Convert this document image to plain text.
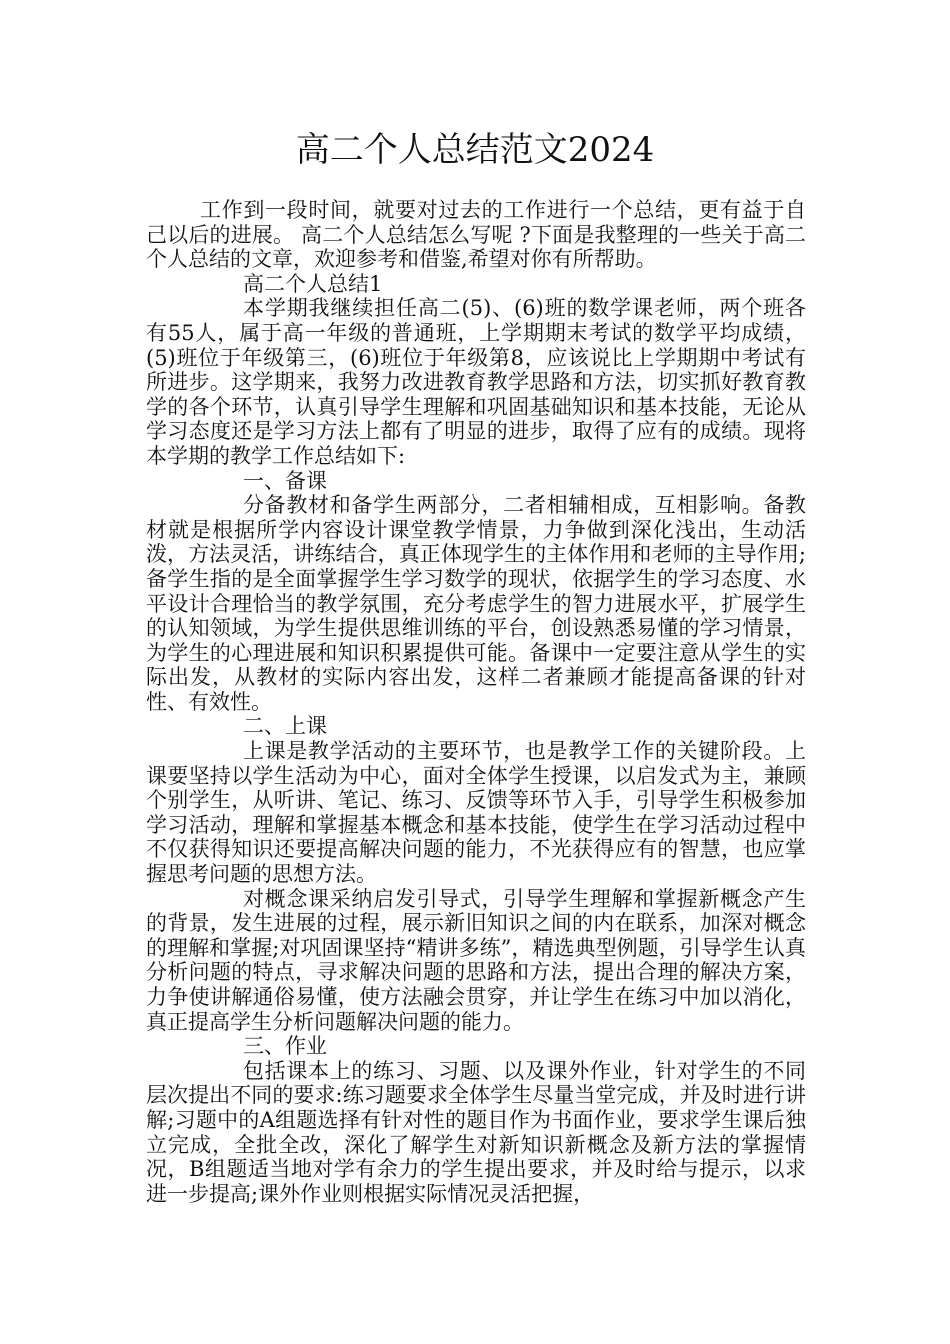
高二个人总结范文2024

工作到一段时间，就要对过去的工作进行一个总结，更有益于自己以后的进展。 高二个人总结怎么写呢 ?下面是我整理的一些关于高二个人总结的文章，欢迎参考和借鉴,希望对你有所帮助。

高二个人总结1

本学期我继续担任高二(5)、(6)班的数学课老师，两个班各有55人，属于高一年级的普通班，上学期期末考试的数学平均成绩，(5)班位于年级第三，(6)班位于年级第8，应该说比上学期期中考试有所进步。这学期来，我努力改进教育教学思路和方法，切实抓好教育教学的各个环节，认真引导学生理解和巩固基础知识和基本技能，无论从学习态度还是学习方法上都有了明显的进步，取得了应有的成绩。现将本学期的教学工作总结如下:

一、备课

分备教材和备学生两部分，二者相辅相成，互相影响。备教材就是根据所学内容设计课堂教学情景，力争做到深化浅出，生动活泼，方法灵活，讲练结合，真正体现学生的主体作用和老师的主导作用;备学生指的是全面掌握学生学习数学的现状，依据学生的学习态度、水平设计合理恰当的教学氛围，充分考虑学生的智力进展水平，扩展学生的认知领域，为学生提供思维训练的平台，创设熟悉易懂的学习情景，为学生的心理进展和知识积累提供可能。备课中一定要注意从学生的实际出发，从教材的实际内容出发，这样二者兼顾才能提高备课的针对性、有效性。

二、上课

上课是教学活动的主要环节，也是教学工作的关键阶段。上课要坚持以学生活动为中心，面对全体学生授课，以启发式为主，兼顾个别学生，从听讲、笔记、练习、反馈等环节入手，引导学生积极参加学习活动，理解和掌握基本概念和基本技能，使学生在学习活动过程中不仅获得知识还要提高解决问题的能力，不光获得应有的智慧，也应掌握思考问题的思想方法。

对概念课采纳启发引导式，引导学生理解和掌握新概念产生的背景，发生进展的过程，展示新旧知识之间的内在联系，加深对概念的理解和掌握;对巩固课坚持“精讲多练”，精选典型例题，引导学生认真分析问题的特点，寻求解决问题的思路和方法，提出合理的解决方案，力争使讲解通俗易懂，使方法融会贯穿，并让学生在练习中加以消化，真正提高学生分析问题解决问题的能力。

三、作业

包括课本上的练习、习题、以及课外作业，针对学生的不同层次提出不同的要求:练习题要求全体学生尽量当堂完成，并及时进行讲解;习题中的A组题选择有针对性的题目作为书面作业，要求学生课后独立完成，全批全改，深化了解学生对新知识新概念及新方法的掌握情况，B组题适当地对学有余力的学生提出要求，并及时给与提示，以求进一步提高;课外作业则根据实际情况灵活把握，
